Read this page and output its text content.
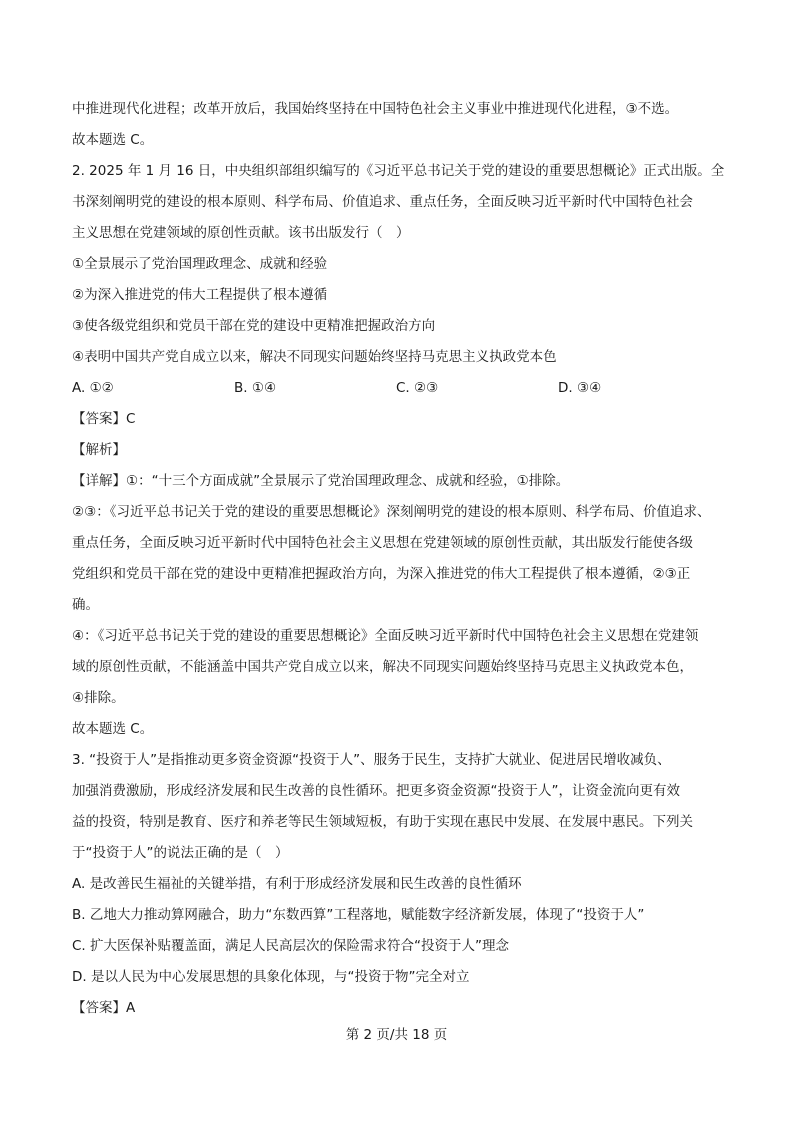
中推进现代化进程；改革开放后，我国始终坚持在中国特色社会主义事业中推进现代化进程，③不选。

故本题选 C。

2. 2025 年 1 月 16 日，中央组织部组织编写的《习近平总书记关于党的建设的重要思想概论》正式出版。全

书深刻阐明党的建设的根本原则、科学布局、价值追求、重点任务，全面反映习近平新时代中国特色社会

主义思想在党建领域的原创性贡献。该书出版发行（　）

①全景展示了党治国理政理念、成就和经验

②为深入推进党的伟大工程提供了根本遵循

③使各级党组织和党员干部在党的建设中更精准把握政治方向

④表明中国共产党自成立以来，解决不同现实问题始终坚持马克思主义执政党本色

A. ①②	B. ①④	C. ②③	D. ③④

【答案】C

【解析】

【详解】①：“十三个方面成就”全景展示了党治国理政理念、成就和经验，①排除。

②③：《习近平总书记关于党的建设的重要思想概论》深刻阐明党的建设的根本原则、科学布局、价值追求、

重点任务，全面反映习近平新时代中国特色社会主义思想在党建领域的原创性贡献，其出版发行能使各级

党组织和党员干部在党的建设中更精准把握政治方向，为深入推进党的伟大工程提供了根本遵循，②③正

确。

④：《习近平总书记关于党的建设的重要思想概论》全面反映习近平新时代中国特色社会主义思想在党建领

域的原创性贡献，不能涵盖中国共产党自成立以来，解决不同现实问题始终坚持马克思主义执政党本色，

④排除。

故本题选 C。

3. “投资于人”是指推动更多资金资源“投资于人”、服务于民生，支持扩大就业、促进居民增收减负、

加强消费激励，形成经济发展和民生改善的良性循环。把更多资金资源“投资于人”，让资金流向更有效

益的投资，特别是教育、医疗和养老等民生领域短板，有助于实现在惠民中发展、在发展中惠民。下列关

于“投资于人”的说法正确的是（　）

A. 是改善民生福祉的关键举措，有利于形成经济发展和民生改善的良性循环

B. 乙地大力推动算网融合，助力“东数西算”工程落地，赋能数字经济新发展，体现了“投资于人”

C. 扩大医保补贴覆盖面，满足人民高层次的保险需求符合“投资于人”理念

D. 是以人民为中心发展思想的具象化体现，与“投资于物”完全对立

【答案】A

第 2 页/共 18 页
